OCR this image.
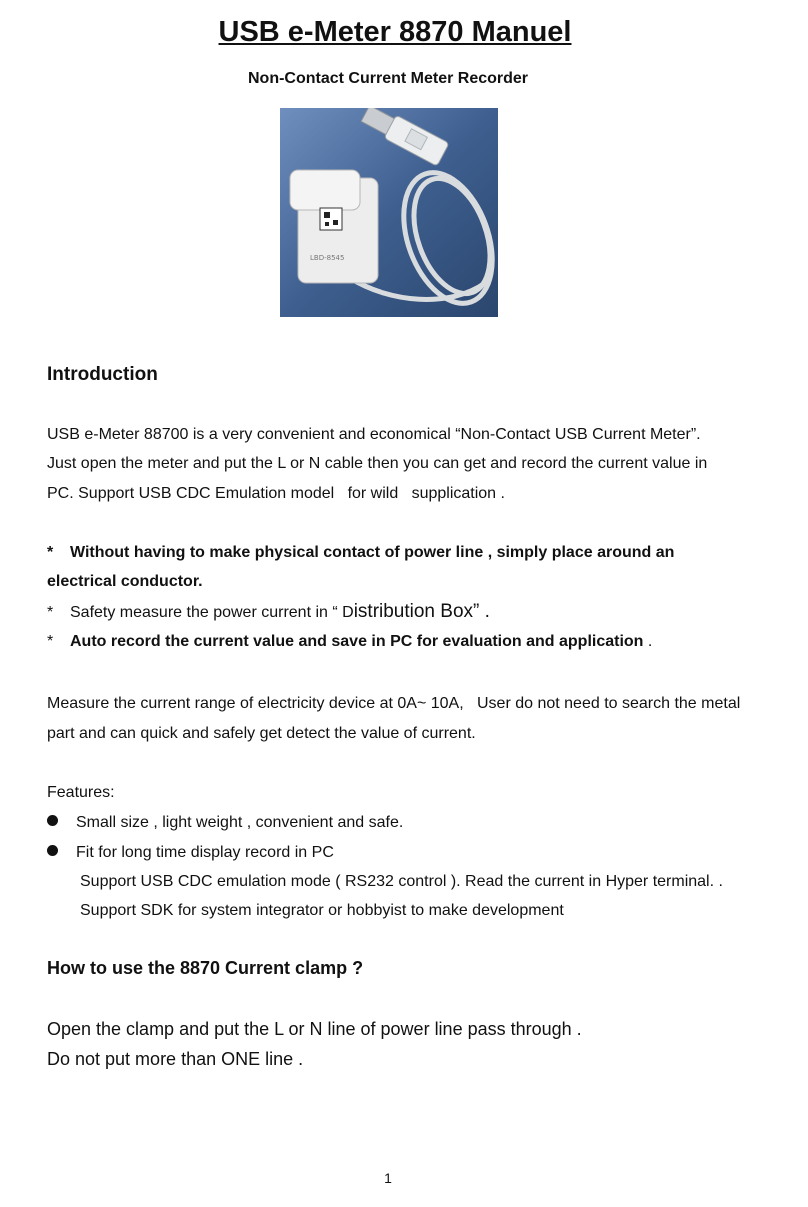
USB e-Meter 8870 Manuel
Non-Contact Current Meter Recorder
LBD-8545
Introduction
USB e-Meter 88700 is a very convenient and economical “Non-Contact USB Current Meter”.
Just open the meter and put the L or N cable then you can get and record the current value in
PC. Support USB CDC Emulation model   for wild   supplication .
* Without having to make physical contact of power line , simply place around an
electrical conductor.
* Safety measure the power current in “ Distribution Box” .
* Auto record the current value and save in PC for evaluation and application .
Measure the current range of electricity device at 0A~ 10A,   User do not need to search the metal
part and can quick and safely get detect the value of current.
Features:
Small size , light weight , convenient and safe.
Fit for long time display record in PC
Support USB CDC emulation mode ( RS232 control ). Read the current in Hyper terminal. .
Support SDK for system integrator or hobbyist to make development
How to use the 8870 Current clamp ?
Open the clamp and put the L or N line of power line pass through .
Do not put more than ONE line .
1
